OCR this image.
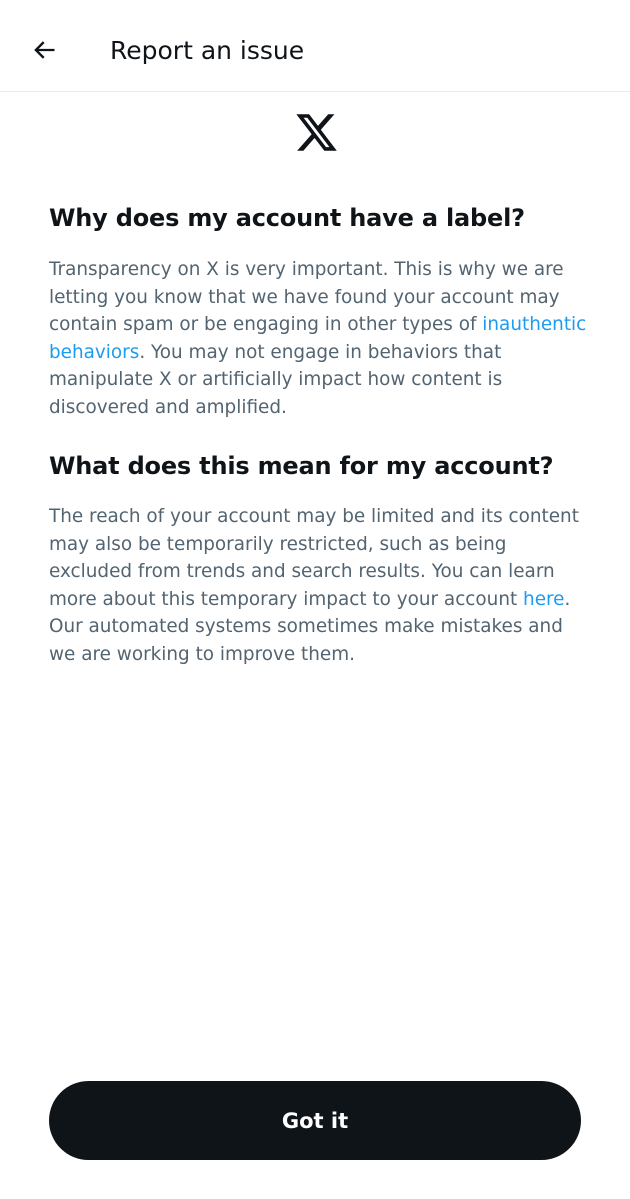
Report an issue
Why does my account have a label?

Transparency on X is very important. This is why we are letting you know that we have found your account may contain spam or be engaging in other types of inauthentic behaviors. You may not engage in behaviors that manipulate X or artificially impact how content is discovered and amplified.

What does this mean for my account?

The reach of your account may be limited and its content may also be temporarily restricted, such as being excluded from trends and search results. You can learn more about this temporary impact to your account here. Our automated systems sometimes make mistakes and we are working to improve them.

Got it
